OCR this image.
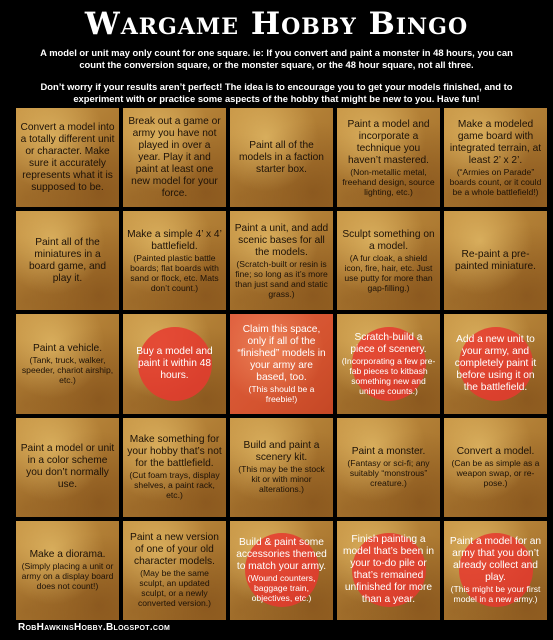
Wargame Hobby Bingo
A model or unit may only count for one square. ie: If you convert and paint a monster in 48 hours, you can count the conversion square, or the monster square, or the 48 hour square, not all three.
Don’t worry if your results aren’t perfect! The idea is to encourage you to get your models finished, and to experiment with or practice some aspects of the hobby that might be new to you. Have fun!
Convert a model into a totally different unit or character. Make sure it accurately represents what it is supposed to be.
Break out a game or army you have not played in over a year. Play it and paint at least one new model for your force.
Paint all of the models in a faction starter box.
Paint a model and incorporate a technique you haven’t mastered.
(Non-metallic metal, freehand design, source lighting, etc.)
Make a modeled game board with integrated terrain, at least 2’ x 2’.
(“Armies on Parade” boards count, or it could be a whole battlefield!)
Paint all of the miniatures in a board game, and play it.
Make a simple 4’ x 4’ battlefield.
(Painted plastic battle boards; flat boards with sand or flock, etc. Mats don’t count.)
Paint a unit, and add scenic bases for all the models.
(Scratch-built or resin is fine; so long as it’s more than just sand and static grass.)
Sculpt something on a model.
(A fur cloak, a shield icon, fire, hair, etc. Just use putty for more than gap-filling.)
Re-paint a pre-painted miniature.
Paint a vehicle.
(Tank, truck, walker, speeder, chariot airship, etc.)
Buy a model and paint it within 48 hours.
Claim this space, only if all of the “finished” models in your army are based, too.
(This should be a freebie!)
Scratch-build a piece of scenery.
(Incorporating a few pre-fab pieces to kitbash something new and unique counts.)
Add a new unit to your army, and completely paint it before using it on the battlefield.
Paint a model or unit in a color scheme you don’t normally use.
Make something for your hobby that’s not for the battlefield.
(Cut foam trays, display shelves, a paint rack, etc.)
Build and paint a scenery kit.
(This may be the stock kit or with minor alterations.)
Paint a monster.
(Fantasy or sci-fi; any suitably “monstrous” creature.)
Convert a model.
(Can be as simple as a weapon swap, or re-pose.)
Make a diorama.
(Simply placing a unit or army on a display board does not count!)
Paint a new version of one of your old character models.
(May be the same sculpt, an updated sculpt, or a newly converted version.)
Build & paint some accessories themed to match your army.
(Wound counters, baggage train, objectives, etc.)
Finish painting a model that’s been in your to-do pile or that’s remained unfinished for more than a year.
Paint a model for an army that you don’t already collect and play.
(This might be your first model in a new army.)
RobHawkinsHobby.Blogspot.com
